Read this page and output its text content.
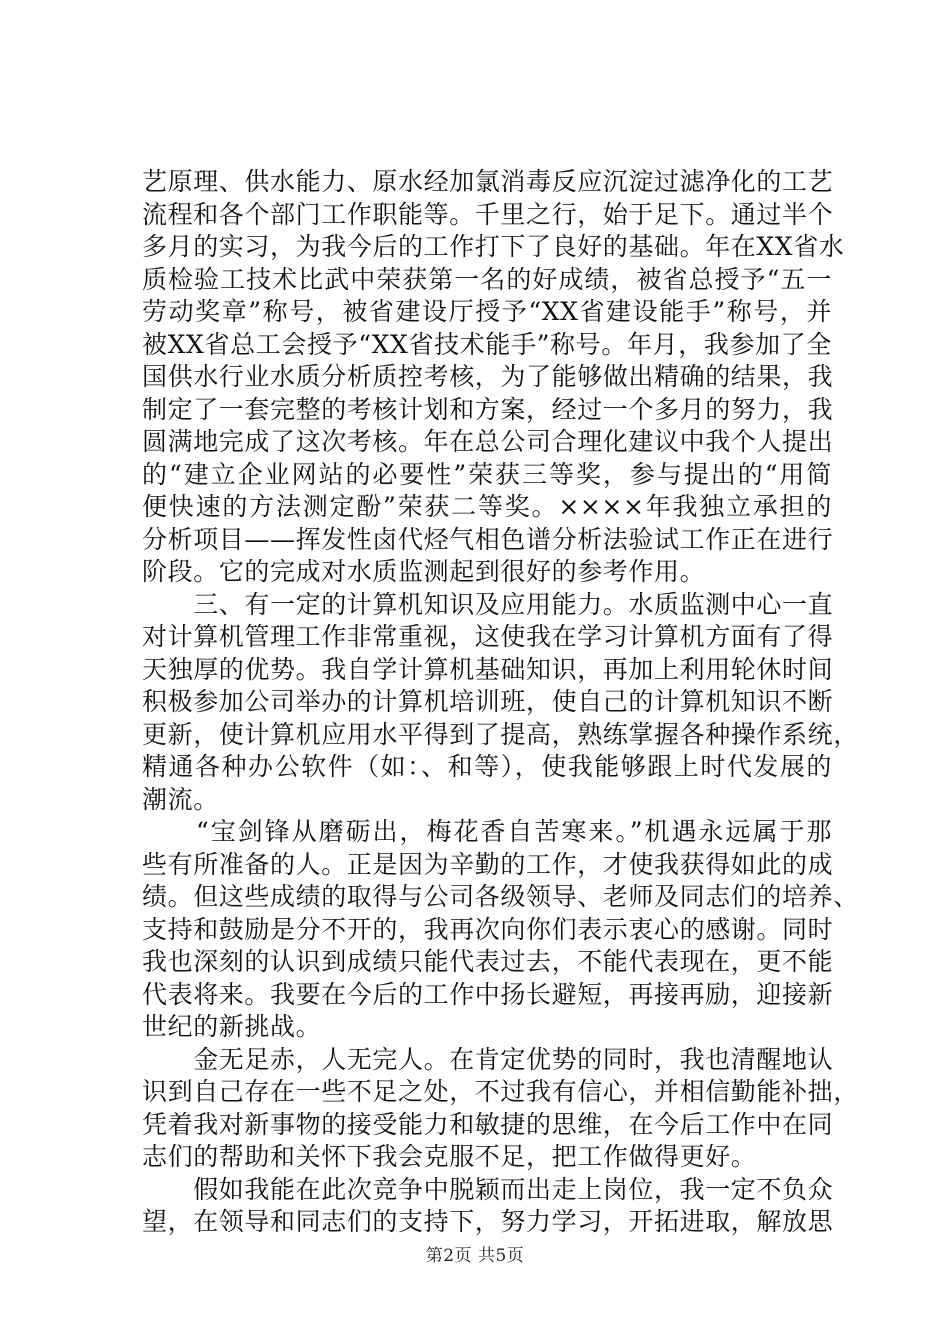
艺原理、供水能力、原水经加氯消毒反应沉淀过滤净化的工艺
流程和各个部门工作职能等。千里之行，始于足下。通过半个
多月的实习，为我今后的工作打下了良好的基础。年在XX省水
质检验工技术比武中荣获第一名的好成绩，被省总授予“五一
劳动奖章”称号，被省建设厅授予“XX省建设能手”称号，并
被XX省总工会授予“XX省技术能手”称号。年月，我参加了全
国供水行业水质分析质控考核，为了能够做出精确的结果，我
制定了一套完整的考核计划和方案，经过一个多月的努力，我
圆满地完成了这次考核。年在总公司合理化建议中我个人提出
的“建立企业网站的必要性”荣获三等奖，参与提出的“用简
便快速的方法测定酚”荣获二等奖。××××年我独立承担的
分析项目——挥发性卤代烃气相色谱分析法验试工作正在进行
阶段。它的完成对水质监测起到很好的参考作用。
　　三、有一定的计算机知识及应用能力。水质监测中心一直
对计算机管理工作非常重视，这使我在学习计算机方面有了得
天独厚的优势。我自学计算机基础知识，再加上利用轮休时间
积极参加公司举办的计算机培训班，使自己的计算机知识不断
更新，使计算机应用水平得到了提高，熟练掌握各种操作系统，
精通各种办公软件（如：、和等），使我能够跟上时代发展的
潮流。
　　“宝剑锋从磨砺出，梅花香自苦寒来。”机遇永远属于那
些有所准备的人。正是因为辛勤的工作，才使我获得如此的成
绩。但这些成绩的取得与公司各级领导、老师及同志们的培养、
支持和鼓励是分不开的，我再次向你们表示衷心的感谢。同时
我也深刻的认识到成绩只能代表过去，不能代表现在，更不能
代表将来。我要在今后的工作中扬长避短，再接再励，迎接新
世纪的新挑战。
　　金无足赤，人无完人。在肯定优势的同时，我也清醒地认
识到自己存在一些不足之处，不过我有信心，并相信勤能补拙，
凭着我对新事物的接受能力和敏捷的思维，在今后工作中在同
志们的帮助和关怀下我会克服不足，把工作做得更好。
　　假如我能在此次竞争中脱颖而出走上岗位，我一定不负众
望，在领导和同志们的支持下，努力学习，开拓进取，解放思
第2页 共5页
